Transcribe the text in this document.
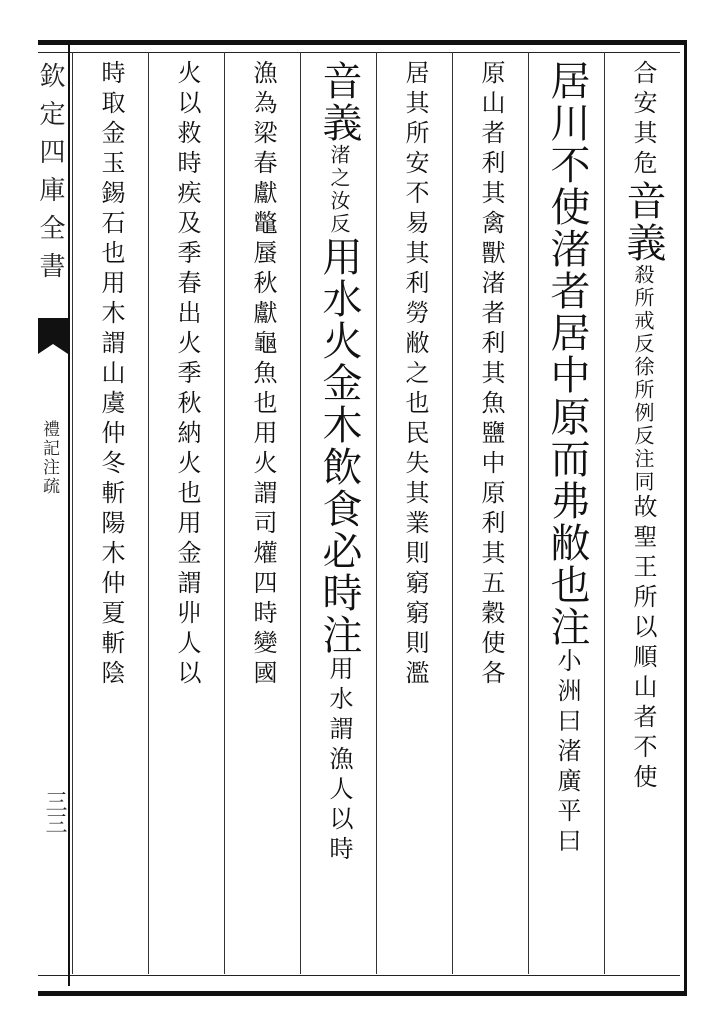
欽定四庫全書
禮記注疏
三三
合安其危音義殺所戒反徐所例反注同故聖王所以順山者不使
居川不使渚者居中原而弗敝也注小洲曰渚廣平曰
原山者利其禽獸渚者利其魚鹽中原利其五穀使各
居其所安不易其利勞敝之也民失其業則窮窮則濫
音義渚之汝反用水火金木飲食必時注用水謂漁人以時
漁為梁春獻鼈蜃秋獻龜魚也用火謂司爟四時變國
火以救時疾及季春出火季秋納火也用金謂丱人以
時取金玉錫石也用木謂山虞仲冬斬陽木仲夏斬陰
